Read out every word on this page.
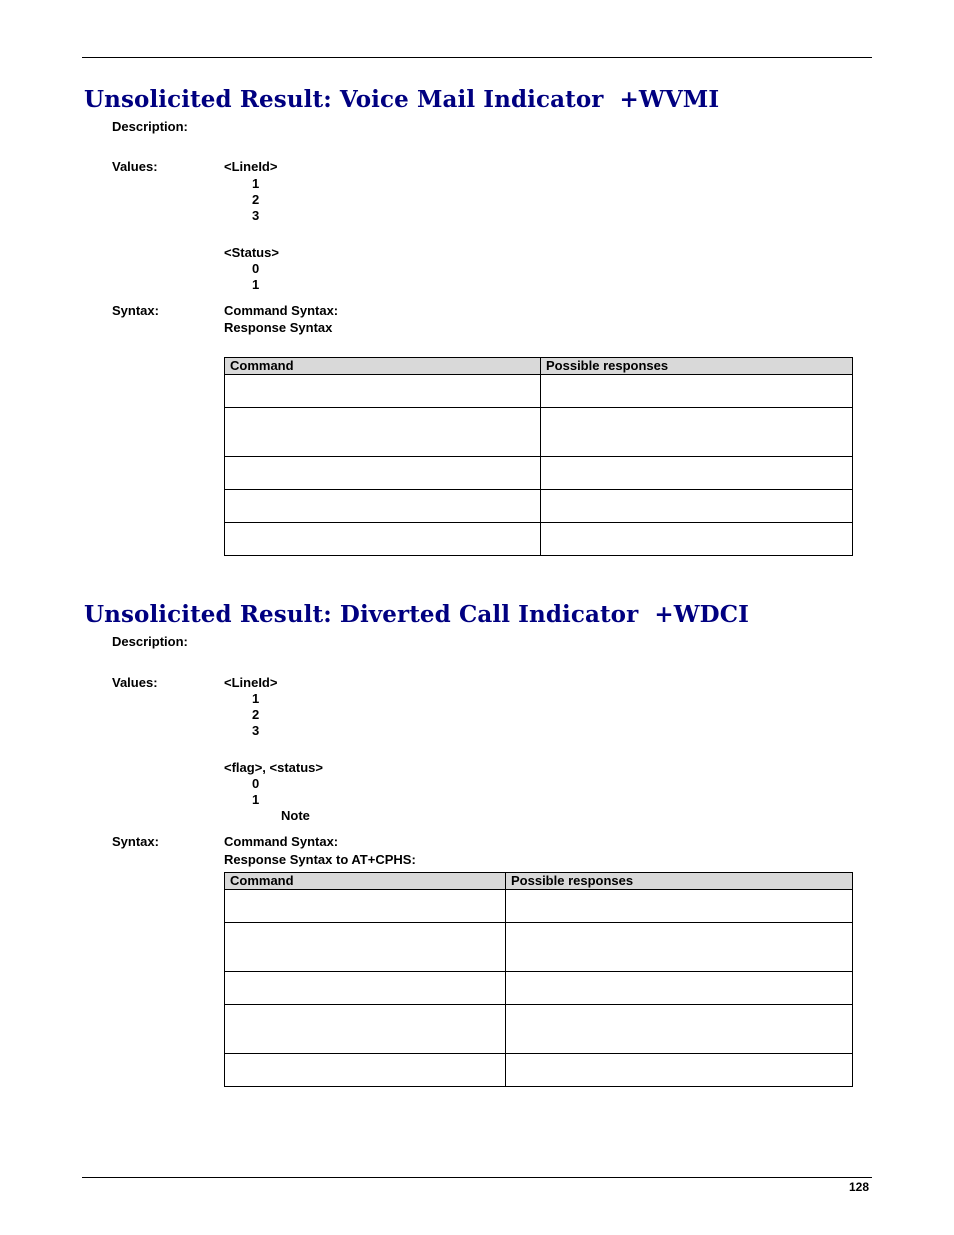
Unsolicited Result: Voice Mail Indicator +WVMI
Description:
Values:	<LineId>
1
2
3
<Status>
0
1
Syntax:	Command Syntax:
Response Syntax
Command	Possible responses

Unsolicited Result: Diverted Call Indicator +WDCI
Description:
Values:	<LineId>
1
2
3
<flag>, <status>
0
1
Note
Syntax:	Command Syntax:
Response Syntax to AT+CPHS:
Command	Possible responses

128
